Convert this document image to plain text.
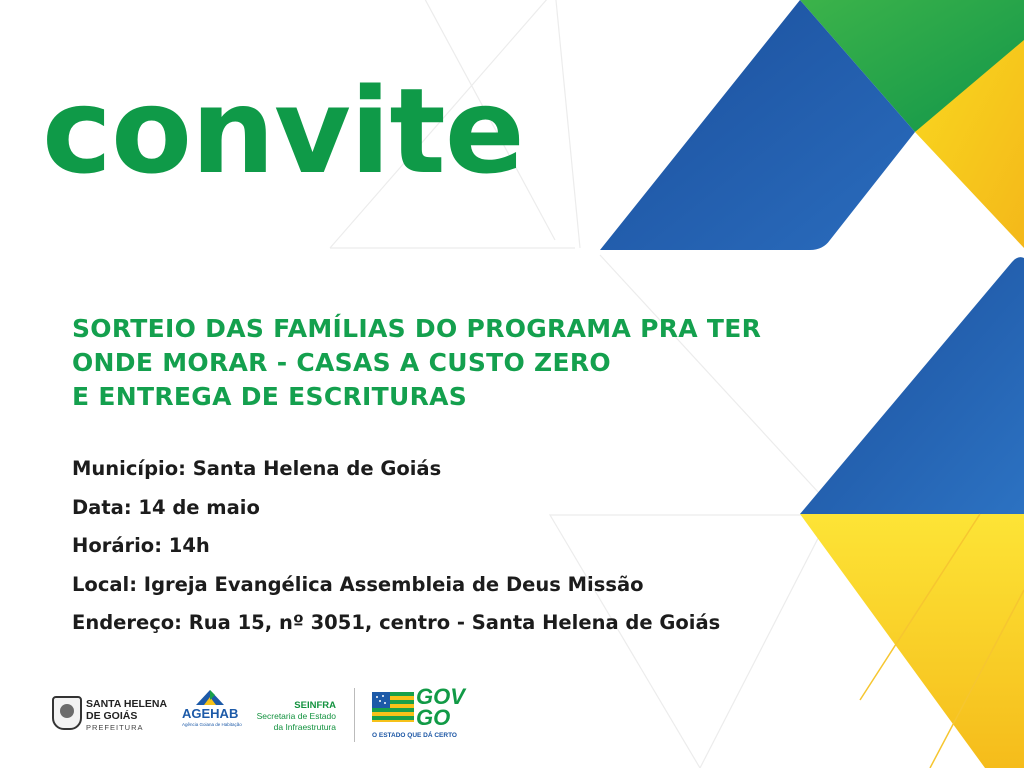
convite
SORTEIO DAS FAMÍLIAS DO PROGRAMA PRA TER
ONDE MORAR - CASAS A CUSTO ZERO
E ENTREGA DE ESCRITURAS
Município: Santa Helena de Goiás
Data: 14 de maio
Horário: 14h
Local: Igreja Evangélica Assembleia de Deus Missão
Endereço: Rua 15, nº 3051, centro - Santa Helena de Goiás
SANTA HELENA
DE GOIÁS
PREFEITURA
AGEHAB
Agência Goiana de Habitação
SEINFRA
Secretaria de Estado
da Infraestrutura
GOV
GO
O ESTADO QUE DÁ CERTO
